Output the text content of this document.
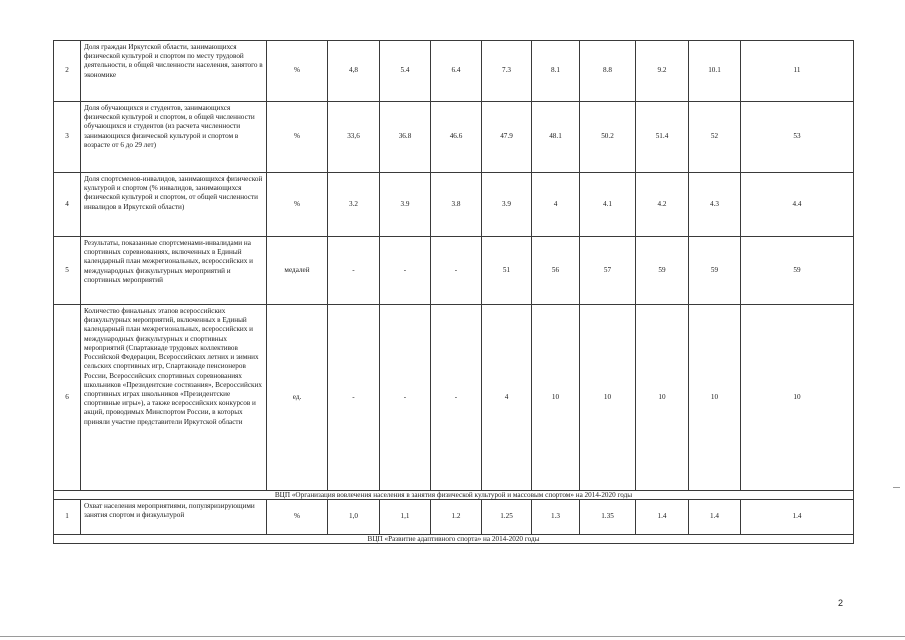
2	Доля граждан Иркутской области, занимающихся физической культурой и спортом по месту трудовой деятельности, в общей численности населения, занятого в экономике	%	4,8	5.4	6.4	7.3	8.1	8.8	9.2	10.1	11
3	Доля обучающихся и студентов, занимающихся физической культурой и спортом, в общей численности обучающихся и студентов (из расчета численности занимающихся физической культурой и спортом в возрасте от 6 до 29 лет)	%	33,6	36.8	46.6	47.9	48.1	50.2	51.4	52	53
4	Доля спортсменов-инвалидов, занимающихся физической культурой и спортом (% инвалидов, занимающихся физической культурой и спортом, от общей численности инвалидов в Иркутской области)	%	3.2	3.9	3.8	3.9	4	4.1	4.2	4.3	4.4
5	Результаты, показанные спортсменами-инвалидами на спортивных соревнованиях, включенных в Единый календарный план межрегиональных, всероссийских и международных физкультурных мероприятий и спортивных мероприятий	медалей	-	-	-	51	56	57	59	59	59
6	Количество финальных этапов всероссийских физкультурных мероприятий, включенных в Единый календарный план межрегиональных, всероссийских и международных физкультурных и спортивных мероприятий (Спартакиаде трудовых коллективов Российской Федерации, Всероссийских летних и зимних сельских спортивных игр, Спартакиаде пенсионеров России, Всероссийских спортивных соревнованиях школьников «Президентские состязания», Всероссийских спортивных играх школьников «Президентские спортивные игры»), а также всероссийских конкурсов и акций, проводимых Минспортом России, в которых приняли участие представители Иркутской области	ед.	-	-	-	4	10	10	10	10	10
ВЦП «Организация вовлечения населения в занятия физической культурой и массовым спортом» на 2014-2020 годы											
1	Охват населения мероприятиями, популяризирующими занятия спортом и физкультурой	%	1,0	1,1	1.2	1.25	1.3	1.35	1.4	1.4	1.4
ВЦП «Развитие адаптивного спорта» на 2014-2020 годы											
2
